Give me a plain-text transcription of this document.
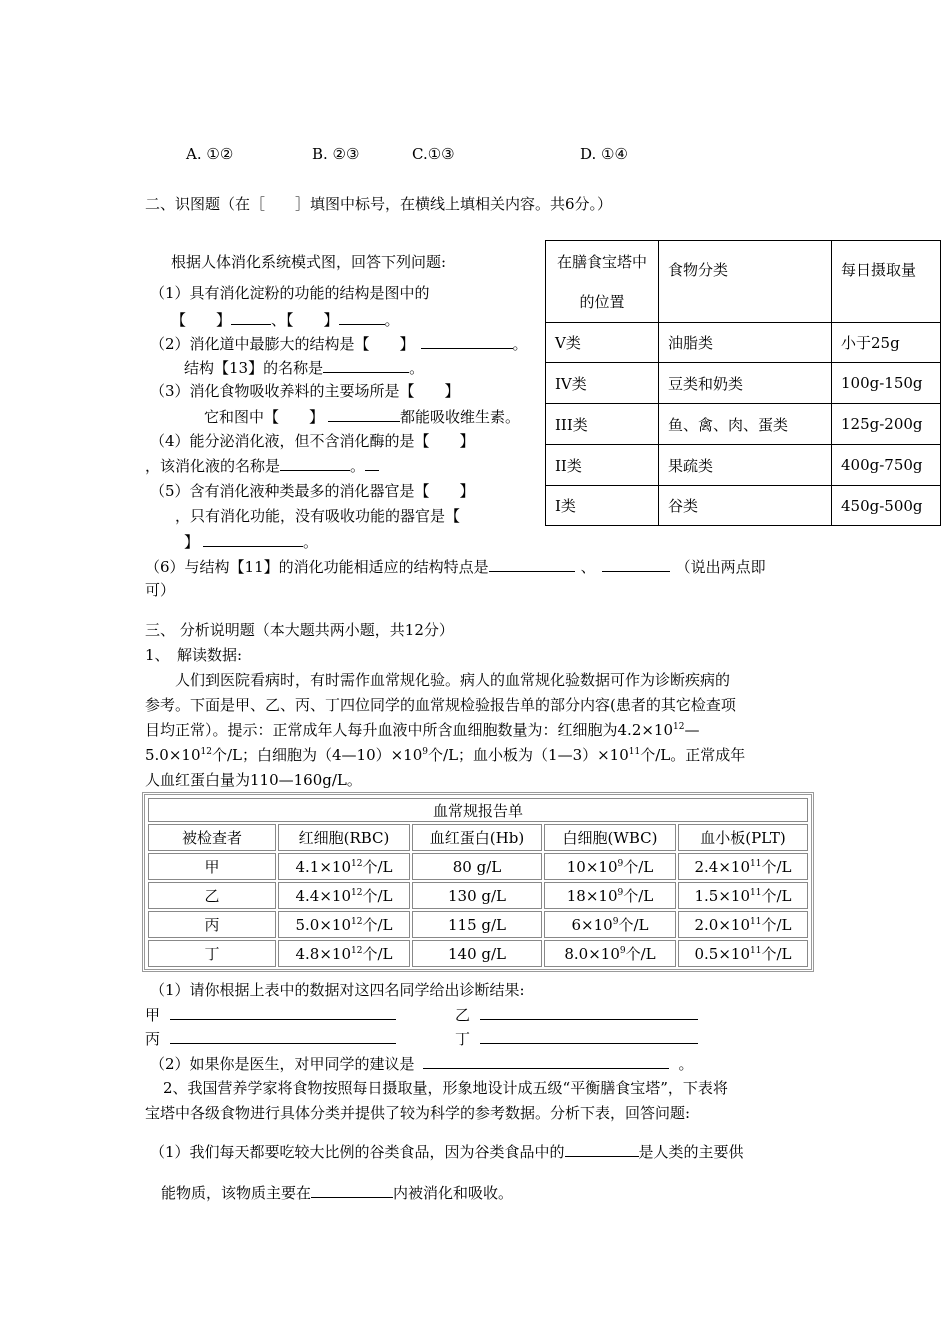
A. ①②	B. ②③	C.①③	D. ①④
二、识图题（在［　　］填图中标号，在横线上填相关内容。共6分。）
根据人体消化系统模式图，回答下列问题:
（1）具有消化淀粉的功能的结构是图中的
【　　】	、【　　】	。
（2）消化道中最膨大的结构是【　　】	。
结构【13】的名称是	。
（3）消化食物吸收养料的主要场所是【　　】
它和图中【　　】	都能吸收维生素。
（4）能分泌消化液，但不含消化酶的是【　　】
，该消化液的名称是	。
（5）含有消化液种类最多的消化器官是【　　】
，只有消化功能，没有吸收功能的器官是【
】	。
（6）与结构【11】的消化功能相适应的结构特点是	、	（说出两点即
可）
在膳食宝塔中
的位置	食物分类	每日摄取量
V类	油脂类	小于25g
IV类	豆类和奶类	100g-150g
III类	鱼、禽、肉、蛋类	125g-200g
II类	果疏类	400g-750g
I类	谷类	450g-500g
三、 分析说明题（本大题共两小题，共12分）
1、　解读数据:
人们到医院看病时，有时需作血常规化验。病人的血常规化验数据可作为诊断疾病的
参考。下面是甲、乙、丙、丁四位同学的血常规检验报告单的部分内容(患者的其它检查项
目均正常）。提示：正常成年人每升血液中所含血细胞数量为：红细胞为$4.2\times 10^{12}—$
$5.0\times 10^{12}$个/L；白细胞为$(4—10)\times 10^9$个/L；血小板为$(1—3)\times 10^{11}$个/L。正常成年
人血红蛋白量为110—160g/L。
血常规报告单				
被检查者	红细胞(RBC)	血红蛋白(Hb)	白细胞(WBC)	血小板(PLT)
甲	$4.1\times 10^{12}$个/L	80 g/L	$10\times 10^9$个/L	$2.4\times 10^{11}$个/L
乙	$4.4\times 10^{12}$个/L	130 g/L	$18\times 10^9$个/L	$1.5\times 10^{11}$个/L
丙	$5.0\times 10^{12}$个/L	115 g/L	$6\times 10^9$个/L	$2.0\times 10^{11}$个/L
丁	$4.8\times 10^{12}$个/L	140 g/L	$8.0\times 10^9$个/L	$0.5\times 10^{11}$个/L
（1）请你根据上表中的数据对这四名同学给出诊断结果:
甲	乙
丙	丁
（2）如果你是医生，对甲同学的建议是	。
2、我国营养学家将食物按照每日摄取量，形象地设计成五级“平衡膳食宝塔”，下表将
宝塔中各级食物进行具体分类并提供了较为科学的参考数据。分析下表，回答问题:
（1）我们每天都要吃较大比例的谷类食品，因为谷类食品中的	是人类的主要供
能物质，该物质主要在	内被消化和吸收。
